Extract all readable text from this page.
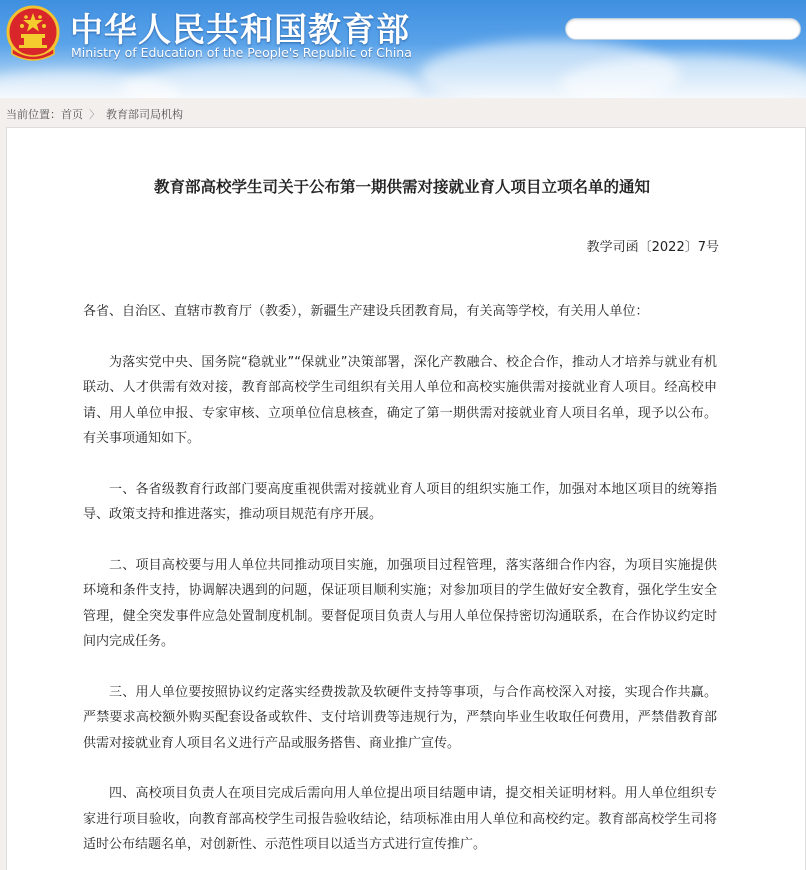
中华人民共和国教育部
Ministry of Education of the People's Republic of China
当前位置：首页 〉 教育部司局机构
教育部高校学生司关于公布第一期供需对接就业育人项目立项名单的通知
教学司函〔2022〕7号

各省、自治区、直辖市教育厅（教委），新疆生产建设兵团教育局，有关高等学校，有关用人单位：

为落实党中央、国务院“稳就业”“保就业”决策部署，深化产教融合、校企合作，推动人才培养与就业有机联动、人才供需有效对接，教育部高校学生司组织有关用人单位和高校实施供需对接就业育人项目。经高校申请、用人单位申报、专家审核、立项单位信息核查，确定了第一期供需对接就业育人项目名单，现予以公布。有关事项通知如下。

一、各省级教育行政部门要高度重视供需对接就业育人项目的组织实施工作，加强对本地区项目的统筹指导、政策支持和推进落实，推动项目规范有序开展。

二、项目高校要与用人单位共同推动项目实施，加强项目过程管理，落实落细合作内容，为项目实施提供环境和条件支持，协调解决遇到的问题，保证项目顺利实施；对参加项目的学生做好安全教育，强化学生安全管理，健全突发事件应急处置制度机制。要督促项目负责人与用人单位保持密切沟通联系，在合作协议约定时间内完成任务。

三、用人单位要按照协议约定落实经费拨款及软硬件支持等事项，与合作高校深入对接，实现合作共赢。严禁要求高校额外购买配套设备或软件、支付培训费等违规行为，严禁向毕业生收取任何费用，严禁借教育部供需对接就业育人项目名义进行产品或服务搭售、商业推广宣传。

四、高校项目负责人在项目完成后需向用人单位提出项目结题申请，提交相关证明材料。用人单位组织专家进行项目验收，向教育部高校学生司报告验收结论，结项标准由用人单位和高校约定。教育部高校学生司将适时公布结题名单，对创新性、示范性项目以适当方式进行宣传推广。
